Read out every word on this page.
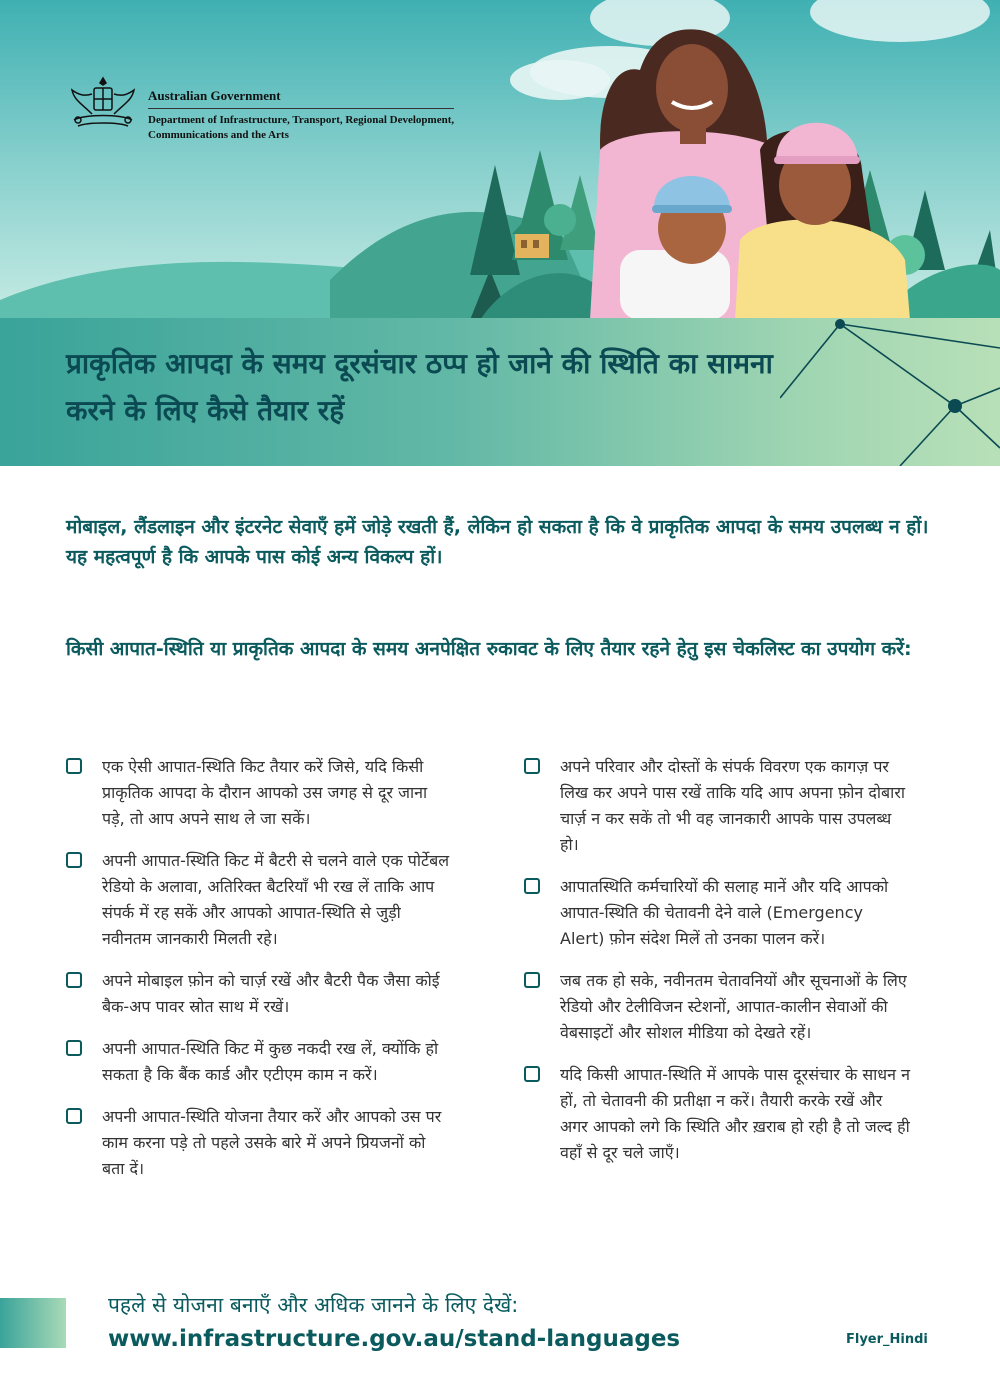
Australian Government
Department of Infrastructure, Transport, Regional Development, Communications and the Arts
प्राकृतिक आपदा के समय दूरसंचार ठप्प हो जाने की स्थिति का सामना करने के लिए कैसे तैयार रहें

मोबाइल, लैंडलाइन और इंटरनेट सेवाएँ हमें जोड़े रखती हैं, लेकिन हो सकता है कि वे प्राकृतिक आपदा के समय उपलब्ध न हों। यह महत्वपूर्ण है कि आपके पास कोई अन्य विकल्प हों।

किसी आपात-स्थिति या प्राकृतिक आपदा के समय अनपेक्षित रुकावट के लिए तैयार रहने हेतु इस चेकलिस्ट का उपयोग करें:

एक ऐसी आपात-स्थिति किट तैयार करें जिसे, यदि किसी प्राकृतिक आपदा के दौरान आपको उस जगह से दूर जाना पड़े, तो आप अपने साथ ले जा सकें।
अपनी आपात-स्थिति किट में बैटरी से चलने वाले एक पोर्टेबल रेडियो के अलावा, अतिरिक्त बैटरियाँ भी रख लें ताकि आप संपर्क में रह सकें और आपको आपात-स्थिति से जुड़ी नवीनतम जानकारी मिलती रहे।
अपने मोबाइल फ़ोन को चार्ज़ रखें और बैटरी पैक जैसा कोई बैक-अप पावर स्रोत साथ में रखें।
अपनी आपात-स्थिति किट में कुछ नकदी रख लें, क्योंकि हो सकता है कि बैंक कार्ड और एटीएम काम न करें।
अपनी आपात-स्थिति योजना तैयार करें और आपको उस पर काम करना पड़े तो पहले उसके बारे में अपने प्रियजनों को बता दें।
अपने परिवार और दोस्तों के संपर्क विवरण एक कागज़ पर लिख कर अपने पास रखें ताकि यदि आप अपना फ़ोन दोबारा चार्ज़ न कर सकें तो भी वह जानकारी आपके पास उपलब्ध हो।
आपातस्थिति कर्मचारियों की सलाह मानें और यदि आपको आपात-स्थिति की चेतावनी देने वाले (Emergency Alert) फ़ोन संदेश मिलें तो उनका पालन करें।
जब तक हो सके, नवीनतम चेतावनियों और सूचनाओं के लिए रेडियो और टेलीविजन स्टेशनों, आपात-कालीन सेवाओं की वेबसाइटों और सोशल मीडिया को देखते रहें।
यदि किसी आपात-स्थिति में आपके पास दूरसंचार के साधन न हों, तो चेतावनी की प्रतीक्षा न करें। तैयारी करके रखें और अगर आपको लगे कि स्थिति और ख़राब हो रही है तो जल्द ही वहाँ से दूर चले जाएँ।
पहले से योजना बनाएँ और अधिक जानने के लिए देखें:
www.infrastructure.gov.au/stand-languages	Flyer_Hindi
